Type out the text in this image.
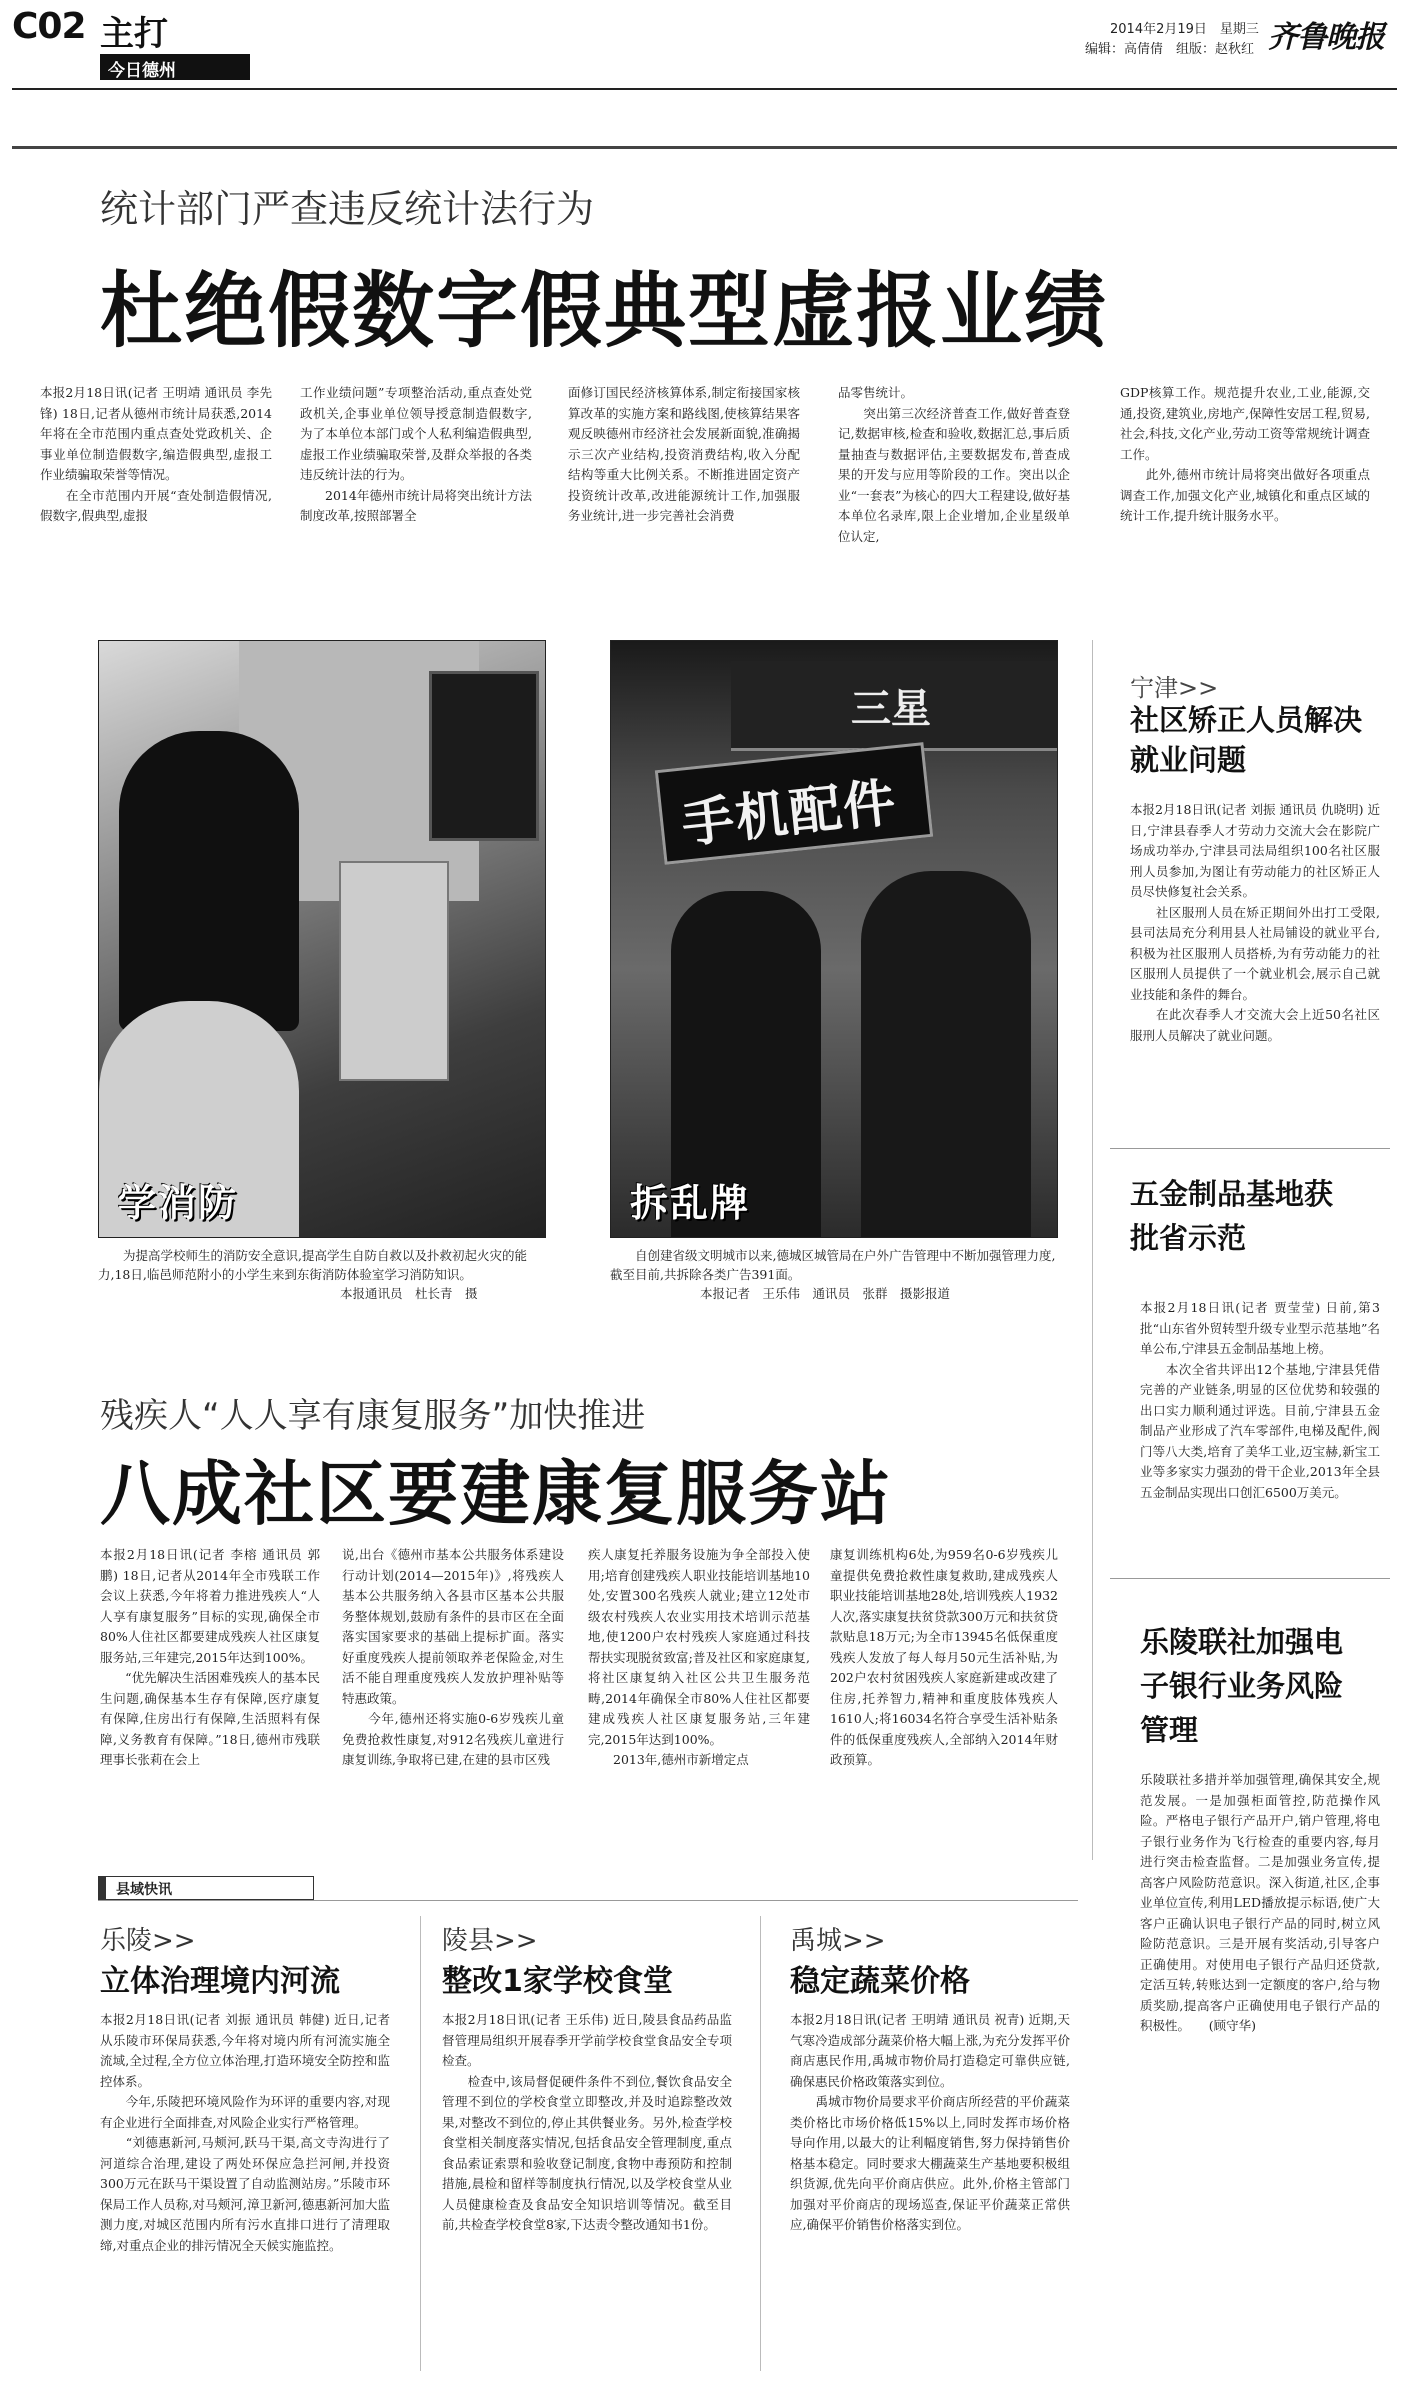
C02 主打
今日德州
2014年2月19日　星期三
编辑：高倩倩　组版：赵秋红 齐鲁晚报
统计部门严查违反统计法行为
杜绝假数字假典型虚报业绩
本报2月18日讯(记者 王明靖 通讯员 李先锋) 18日,记者从德州市统计局获悉,2014年将在全市范围内重点查处党政机关、企事业单位制造假数字,编造假典型,虚报工作业绩骗取荣誉等情况。
　　在全市范围内开展“查处制造假情况,假数字,假典型,虚报
工作业绩问题”专项整治活动,重点查处党政机关,企事业单位领导授意制造假数字,为了本单位本部门或个人私利编造假典型,虚报工作业绩骗取荣誉,及群众举报的各类违反统计法的行为。
　　2014年德州市统计局将突出统计方法制度改革,按照部署全
面修订国民经济核算体系,制定衔接国家核算改革的实施方案和路线图,使核算结果客观反映德州市经济社会发展新面貌,准确揭示三次产业结构,投资消费结构,收入分配结构等重大比例关系。不断推进固定资产投资统计改革,改进能源统计工作,加强服务业统计,进一步完善社会消费
品零售统计。
　　突出第三次经济普查工作,做好普查登记,数据审核,检查和验收,数据汇总,事后质量抽查与数据评估,主要数据发布,普查成果的开发与应用等阶段的工作。突出以企业“一套表”为核心的四大工程建设,做好基本单位名录库,限上企业增加,企业星级单位认定,
GDP核算工作。规范提升农业,工业,能源,交通,投资,建筑业,房地产,保障性安居工程,贸易,社会,科技,文化产业,劳动工资等常规统计调查工作。
　　此外,德州市统计局将突出做好各项重点调查工作,加强文化产业,城镇化和重点区域的统计工作,提升统计服务水平。
学消防
为提高学校师生的消防安全意识,提高学生自防自救以及扑救初起火灾的能力,18日,临邑师范附小的小学生来到东街消防体验室学习消防知识。
本报通讯员　杜长青　摄
三星
手机配件
拆乱牌
自创建省级文明城市以来,德城区城管局在户外广告管理中不断加强管理力度,截至目前,共拆除各类广告391面。
本报记者　王乐伟　通讯员　张群　摄影报道
残疾人“人人享有康复服务”加快推进
八成社区要建康复服务站
本报2月18日讯(记者 李榕 通讯员 郭鹏) 18日,记者从2014年全市残联工作会议上获悉,今年将着力推进残疾人“人人享有康复服务”目标的实现,确保全市80%人住社区都要建成残疾人社区康复服务站,三年建完,2015年达到100%。
　　“优先解决生活困难残疾人的基本民生问题,确保基本生存有保障,医疗康复有保障,住房出行有保障,生活照料有保障,义务教育有保障。”18日,德州市残联理事长张莉在会上
说,出台《德州市基本公共服务体系建设行动计划(2014—2015年)》,将残疾人基本公共服务纳入各县市区基本公共服务整体规划,鼓励有条件的县市区在全面落实国家要求的基础上提标扩面。落实好重度残疾人提前领取养老保险金,对生活不能自理重度残疾人发放护理补贴等特惠政策。
　　今年,德州还将实施0-6岁残疾儿童免费抢救性康复,对912名残疾儿童进行康复训练,争取将已建,在建的县市区残
疾人康复托养服务设施为争全部投入使用;培育创建残疾人职业技能培训基地10处,安置300名残疾人就业;建立12处市级农村残疾人农业实用技术培训示范基地,使1200户农村残疾人家庭通过科技帮扶实现脱贫致富;普及社区和家庭康复,将社区康复纳入社区公共卫生服务范畴,2014年确保全市80%人住社区都要建成残疾人社区康复服务站,三年建完,2015年达到100%。
　　2013年,德州市新增定点
康复训练机构6处,为959名0-6岁残疾儿童提供免费抢救性康复救助,建成残疾人职业技能培训基地28处,培训残疾人1932人次,落实康复扶贫贷款300万元和扶贫贷款贴息18万元;为全市13945名低保重度残疾人发放了每人每月50元生活补贴,为202户农村贫困残疾人家庭新建或改建了住房,托养智力,精神和重度肢体残疾人1610人;将16034名符合享受生活补贴条件的低保重度残疾人,全部纳入2014年财政预算。
宁津>>
社区矫正人员解决就业问题
本报2月18日讯(记者 刘振 通讯员 仇晓明) 近日,宁津县春季人才劳动力交流大会在影院广场成功举办,宁津县司法局组织100名社区服刑人员参加,为图让有劳动能力的社区矫正人员尽快修复社会关系。
　　社区服刑人员在矫正期间外出打工受限,县司法局充分利用县人社局铺设的就业平台,积极为社区服刑人员搭桥,为有劳动能力的社区服刑人员提供了一个就业机会,展示自己就业技能和条件的舞台。
　　在此次春季人才交流大会上近50名社区服刑人员解决了就业问题。
五金制品基地获批省示范
本报2月18日讯(记者 贾莹莹) 日前,第3批“山东省外贸转型升级专业型示范基地”名单公布,宁津县五金制品基地上榜。
　　本次全省共评出12个基地,宁津县凭借完善的产业链条,明显的区位优势和较强的出口实力顺利通过评选。目前,宁津县五金制品产业形成了汽车零部件,电梯及配件,阀门等八大类,培育了美华工业,迈宝赫,新宝工业等多家实力强劲的骨干企业,2013年全县五金制品实现出口创汇6500万美元。
乐陵联社加强电子银行业务风险管理
乐陵联社多措并举加强管理,确保其安全,规范发展。一是加强柜面管控,防范操作风险。严格电子银行产品开户,销户管理,将电子银行业务作为飞行检查的重要内容,每月进行突击检查监督。二是加强业务宣传,提高客户风险防范意识。深入街道,社区,企事业单位宣传,利用LED播放提示标语,使广大客户正确认识电子银行产品的同时,树立风险防范意识。三是开展有奖活动,引导客户正确使用。对使用电子银行产品归还贷款,定活互转,转账达到一定额度的客户,给与物质奖励,提高客户正确使用电子银行产品的积极性。　　(顾守华)
县域快讯
乐陵>>
立体治理境内河流
本报2月18日讯(记者 刘振 通讯员 韩健) 近日,记者从乐陵市环保局获悉,今年将对境内所有河流实施全流域,全过程,全方位立体治理,打造环境安全防控和监控体系。
　　今年,乐陵把环境风险作为环评的重要内容,对现有企业进行全面排查,对风险企业实行严格管理。
　　“刘德惠新河,马颊河,跃马干渠,高文寺沟进行了河道综合治理,建设了两处环保应急拦河闸,并投资300万元在跃马干渠设置了自动监测站房。”乐陵市环保局工作人员称,对马颊河,漳卫新河,德惠新河加大监测力度,对城区范围内所有污水直排口进行了清理取缔,对重点企业的排污情况全天候实施监控。
陵县>>
整改1家学校食堂
本报2月18日讯(记者 王乐伟) 近日,陵县食品药品监督管理局组织开展春季开学前学校食堂食品安全专项检查。
　　检查中,该局督促硬件条件不到位,餐饮食品安全管理不到位的学校食堂立即整改,并及时追踪整改效果,对整改不到位的,停止其供餐业务。另外,检查学校食堂相关制度落实情况,包括食品安全管理制度,重点食品索证索票和验收登记制度,食物中毒预防和控制措施,晨检和留样等制度执行情况,以及学校食堂从业人员健康检查及食品安全知识培训等情况。截至目前,共检查学校食堂8家,下达责令整改通知书1份。
禹城>>
稳定蔬菜价格
本报2月18日讯(记者 王明靖 通讯员 祝青) 近期,天气寒冷造成部分蔬菜价格大幅上涨,为充分发挥平价商店惠民作用,禹城市物价局打造稳定可靠供应链,确保惠民价格政策落实到位。
　　禹城市物价局要求平价商店所经营的平价蔬菜类价格比市场价格低15%以上,同时发挥市场价格导向作用,以最大的让利幅度销售,努力保持销售价格基本稳定。同时要求大棚蔬菜生产基地要积极组织货源,优先向平价商店供应。此外,价格主管部门加强对平价商店的现场巡查,保证平价蔬菜正常供应,确保平价销售价格落实到位。
